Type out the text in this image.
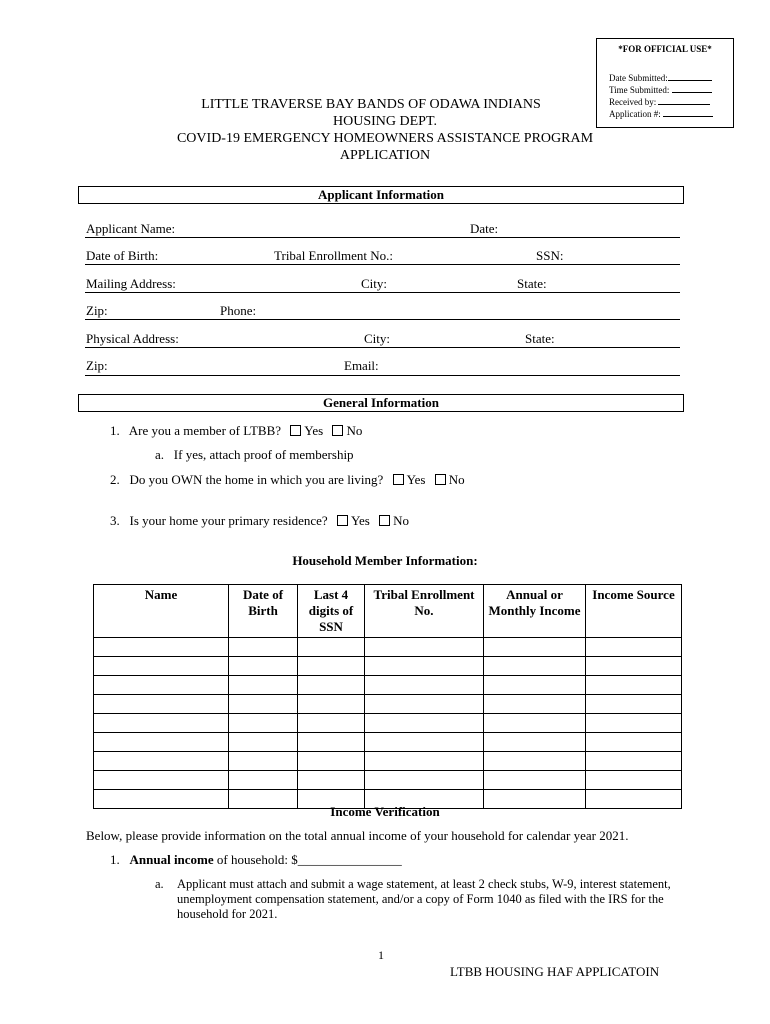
*FOR OFFICIAL USE*
Date Submitted:
Time Submitted:
Received by:
Application #:
LITTLE TRAVERSE BAY BANDS OF ODAWA INDIANS
HOUSING DEPT.
COVID-19 EMERGENCY HOMEOWNERS ASSISTANCE PROGRAM
APPLICATION
Applicant Information
Applicant Name:	Date:
Date of Birth:	Tribal Enrollment No.:	SSN:
Mailing Address:	City:	State:
Zip:	Phone:
Physical Address:	City:	State:
Zip:	Email:
General Information
1. Are you a member of LTBB? Yes No
a. If yes, attach proof of membership
2. Do you OWN the home in which you are living? Yes No
3. Is your home your primary residence? Yes No
Household Member Information:
Name	Date of Birth	Last 4 digits of SSN	Tribal Enrollment No.	Annual or Monthly Income	Income Source

Income Verification
Below, please provide information on the total annual income of your household for calendar year 2021.
1. Annual income of household: $________________
a. Applicant must attach and submit a wage statement, at least 2 check stubs, W-9, interest statement, unemployment compensation statement, and/or a copy of Form 1040 as filed with the IRS for the household for 2021.
1
LTBB HOUSING HAF APPLICATOIN
